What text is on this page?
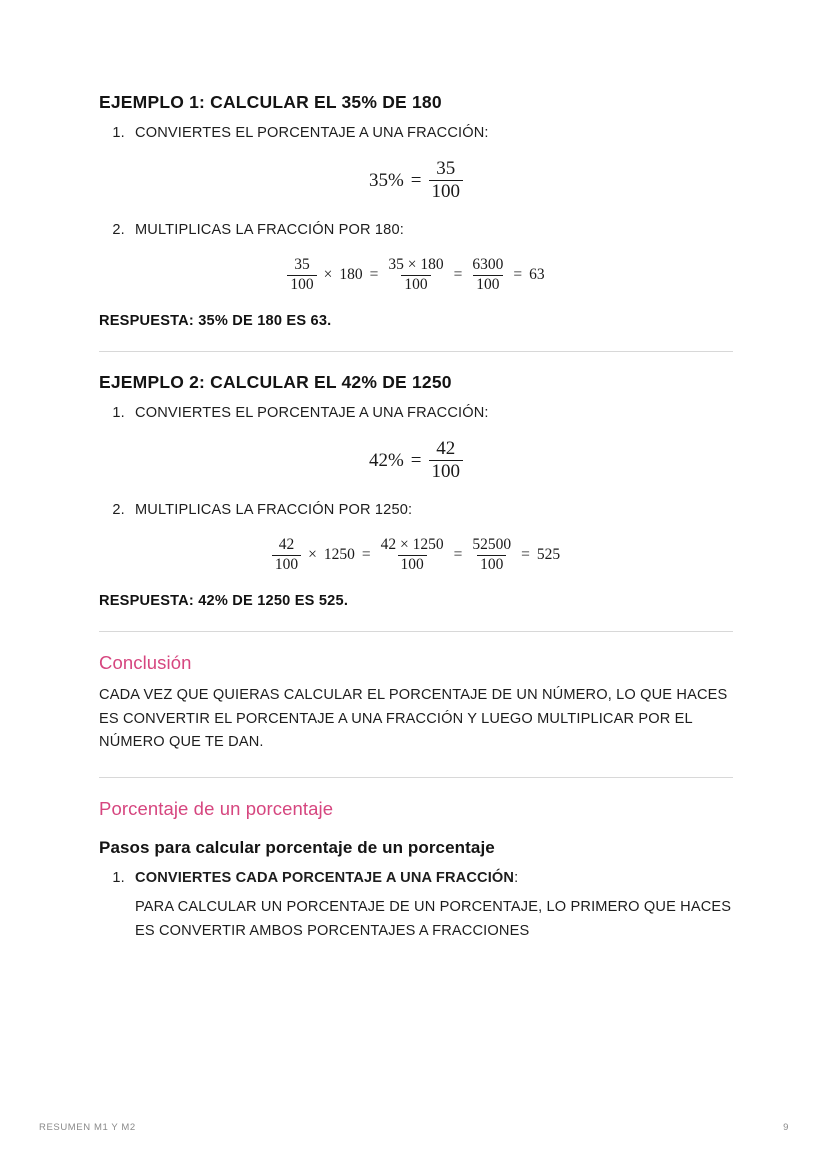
EJEMPLO 1: CALCULAR EL 35% DE 180
1. CONVIERTES EL PORCENTAJE A UNA FRACCIÓN:
$35\% = \frac{35}{100}$
2. MULTIPLICAS LA FRACCIÓN POR 180:
$\frac{35}{100} \times 180 = \frac{35 \times 180}{100} = \frac{6300}{100} = 63$

RESPUESTA: 35% DE 180 ES 63.

EJEMPLO 2: CALCULAR EL 42% DE 1250
1. CONVIERTES EL PORCENTAJE A UNA FRACCIÓN:
$42\% = \frac{42}{100}$
2. MULTIPLICAS LA FRACCIÓN POR 1250:
$\frac{42}{100} \times 1250 = \frac{42 \times 1250}{100} = \frac{52500}{100} = 525$

RESPUESTA: 42% DE 1250 ES 525.

Conclusión

CADA VEZ QUE QUIERAS CALCULAR EL PORCENTAJE DE UN NÚMERO, LO QUE HACES ES CONVERTIR EL PORCENTAJE A UNA FRACCIÓN Y LUEGO MULTIPLICAR POR EL NÚMERO QUE TE DAN.

Porcentaje de un porcentaje
Pasos para calcular porcentaje de un porcentaje
1. CONVIERTES CADA PORCENTAJE A UNA FRACCIÓN:

PARA CALCULAR UN PORCENTAJE DE UN PORCENTAJE, LO PRIMERO QUE HACES ES CONVERTIR AMBOS PORCENTAJES A FRACCIONES

RESUMEN M1 Y M2	9
